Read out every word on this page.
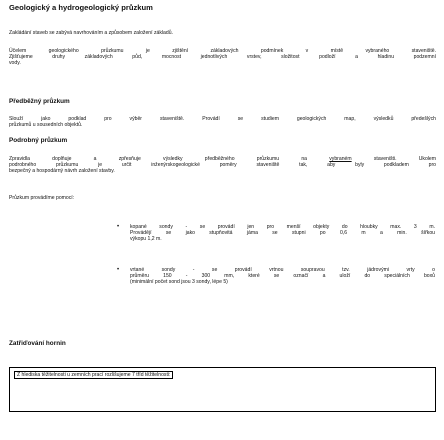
Geologický a hydrogeologický průzkum
Zakládání staveb se zabývá navrhováním a způsobem založení základů.
Účelem geologického průzkumu je zjištění základových podmínek v místě vybraného staveniště.
Zjišťujeme druhy základových půd, mocnost jednotlivých vrstev, složitost podloží a hladinu podzemní
vody.
Předběžný průzkum
Slouží jako podklad pro výběr staveniště. Provádí se studiem geologických map, výsledků předešlých
průzkumů u sousedních objektů.
Podrobný průzkum
Zpravidla doplňuje a zpřesňuje výsledky předběžného průzkumu na vybraném staveništi. Ukolem
podrobného průzkumu je určit inženýrskogeologické poměry staveniště tak, aby byly podkladem pro
bezpečný a hospodárný návrh založení stavby.
Průzkum provádíme pomocí:
• kopané sondy - se provádí jen pro menší objekty do hloubky max. 3 m.
Provádějí se jako stupňovitá jáma se stupni po 0,6 m a min. šířkou
výkopu 1,2 m.
• vrtané sondy - se provádí vrtnou soupravou tzv. jádrovými vrty o
průměru 150 - 300 mm, které se označí a uloží do speciálních boxů
(minimální počet sond jsou 3 sondy, lépe 5)
Zatřiďování hornin
Z hlediska těžitelnosti u zemních prací rozlišujeme 7 tříd těžitelnosti:
